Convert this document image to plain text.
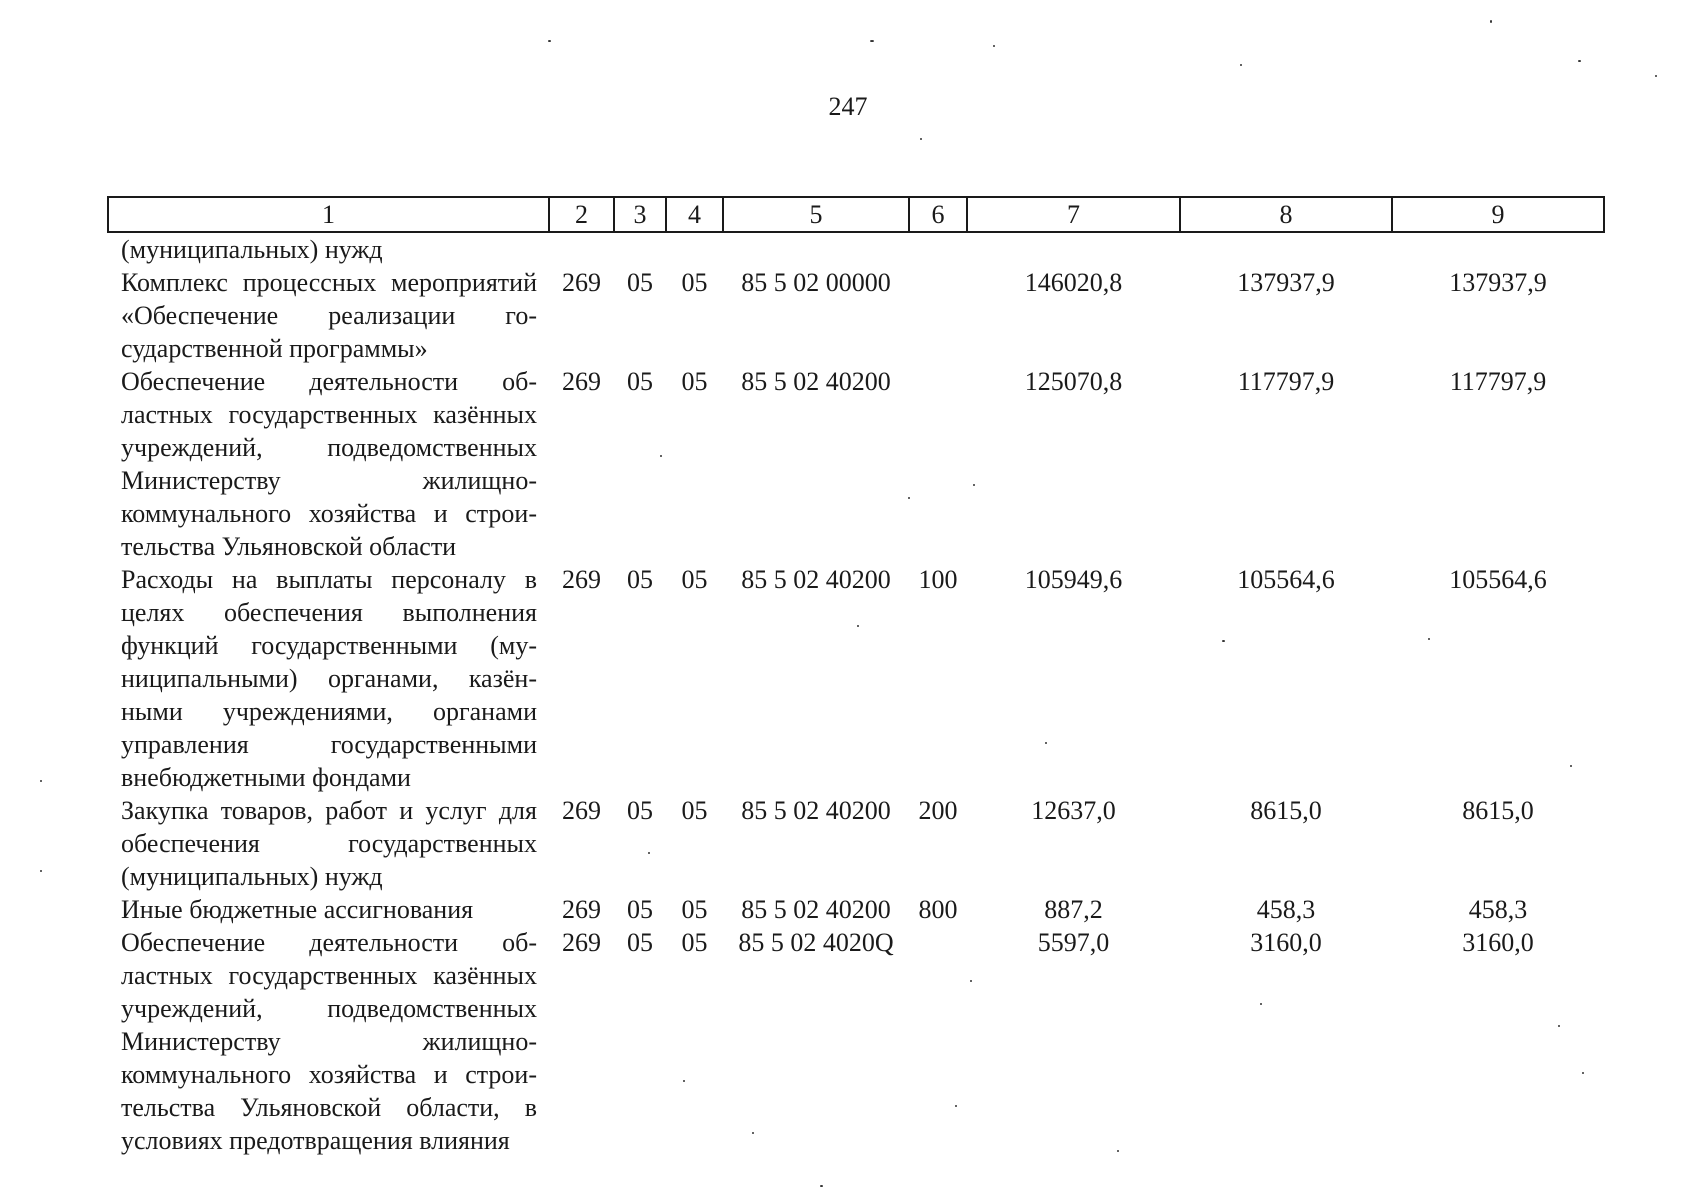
247
1	2	3	4	5	6	7	8	9
(муниципальных) нужд								
Комплекс процессных мероприятий «Обеспечение реализации государственной программы»	269	05	05	85 5 02 00000		146020,8	137937,9	137937,9
Обеспечение деятельности областных государственных казённых учреждений, подведомственных Министерству жилищно-коммунального хозяйства и строительства Ульяновской области	269	05	05	85 5 02 40200		125070,8	117797,9	117797,9
Расходы на выплаты персоналу в целях обеспечения выполнения функций государственными (муниципальными) органами, казёнными учреждениями, органами управления государственными внебюджетными фондами	269	05	05	85 5 02 40200	100	105949,6	105564,6	105564,6
Закупка товаров, работ и услуг для обеспечения государственных (муниципальных) нужд	269	05	05	85 5 02 40200	200	12637,0	8615,0	8615,0
Иные бюджетные ассигнования	269	05	05	85 5 02 40200	800	887,2	458,3	458,3
Обеспечение деятельности областных государственных казённых учреждений, подведомственных Министерству жилищно-коммунального хозяйства и строительства Ульяновской области, в условиях предотвращения влияния	269	05	05	85 5 02 4020Q		5597,0	3160,0	3160,0
